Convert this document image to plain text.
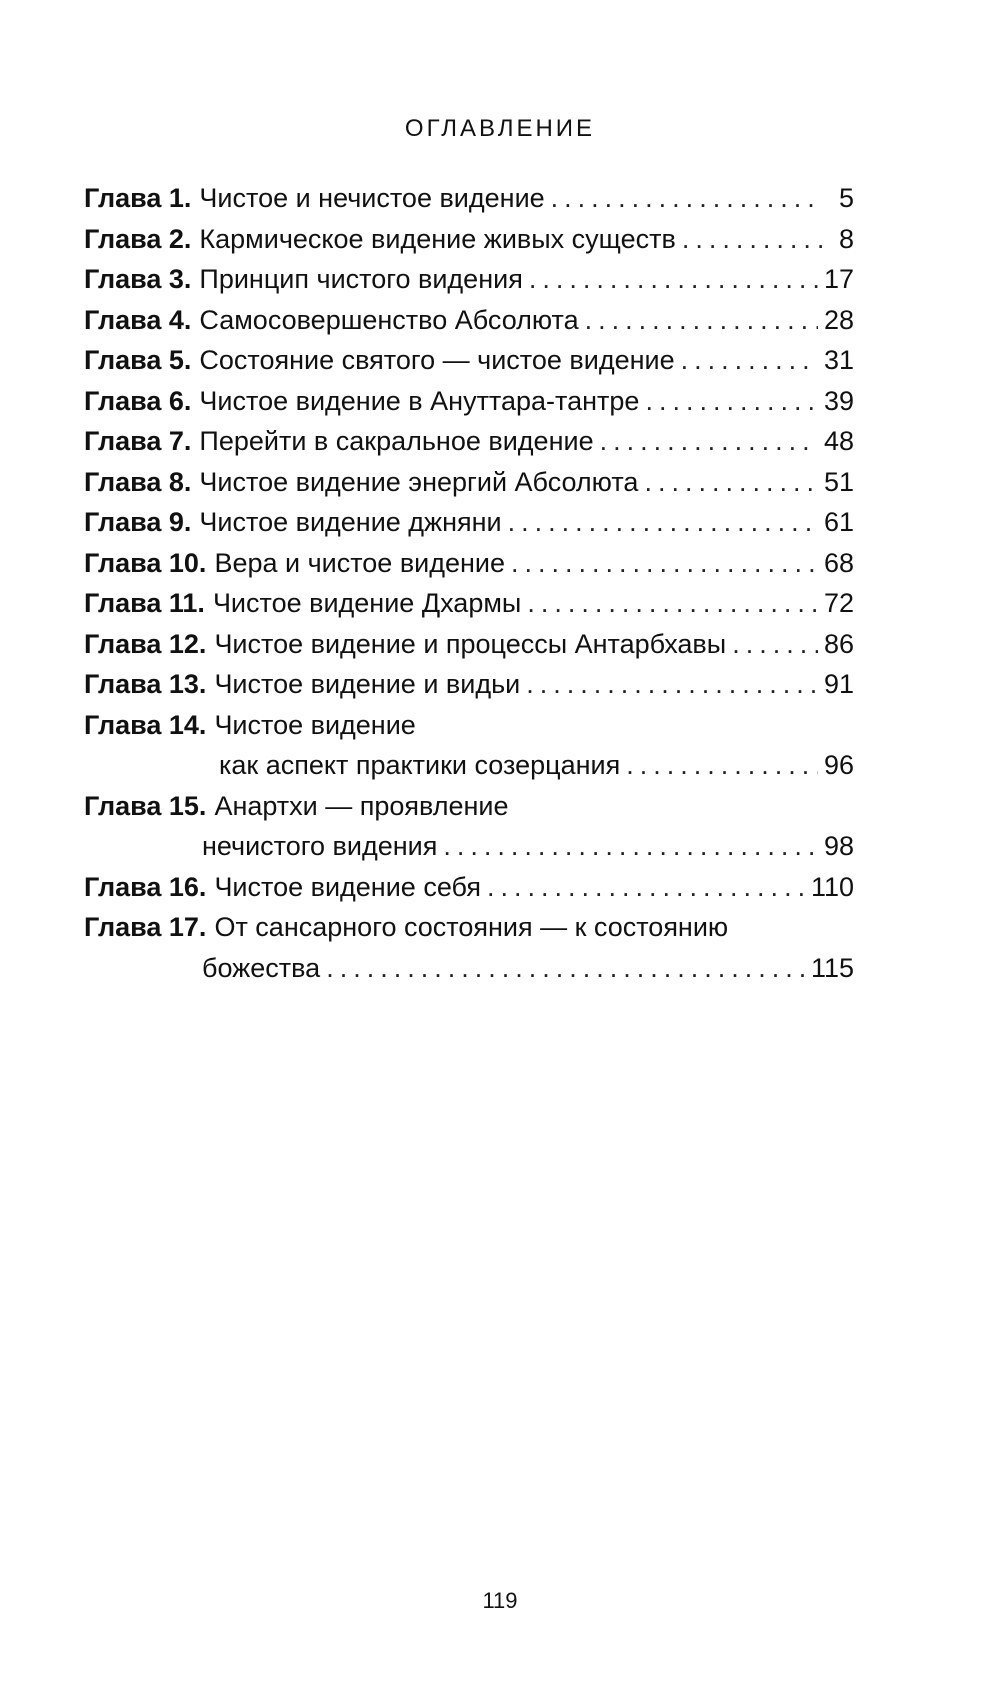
оглавление
Глава 1. Чистое и нечистое видение .....	5
Глава 2. Кармическое видение живых существ .....	8
Глава 3. Принцип чистого видения .....	17
Глава 4. Самосовершенство Абсолюта .....	28
Глава 5. Состояние святого — чистое видение .....	31
Глава 6. Чистое видение в Ануттара-тантре .....	39
Глава 7. Перейти в сакральное видение .....	48
Глава 8. Чистое видение энергий Абсолюта .....	51
Глава 9. Чистое видение джняни .....	61
Глава 10. Вера и чистое видение .....	68
Глава 11. Чистое видение Дхармы .....	72
Глава 12. Чистое видение и процессы Антарбхавы .....	86
Глава 13. Чистое видение и видьи .....	91
Глава 14. Чистое видение
как аспект практики созерцания .....	96
Глава 15. Анартхи — проявление
нечистого видения .....	98
Глава 16. Чистое видение себя .....	110
Глава 17. От сансарного состояния — к состоянию
божества .....	115
119
